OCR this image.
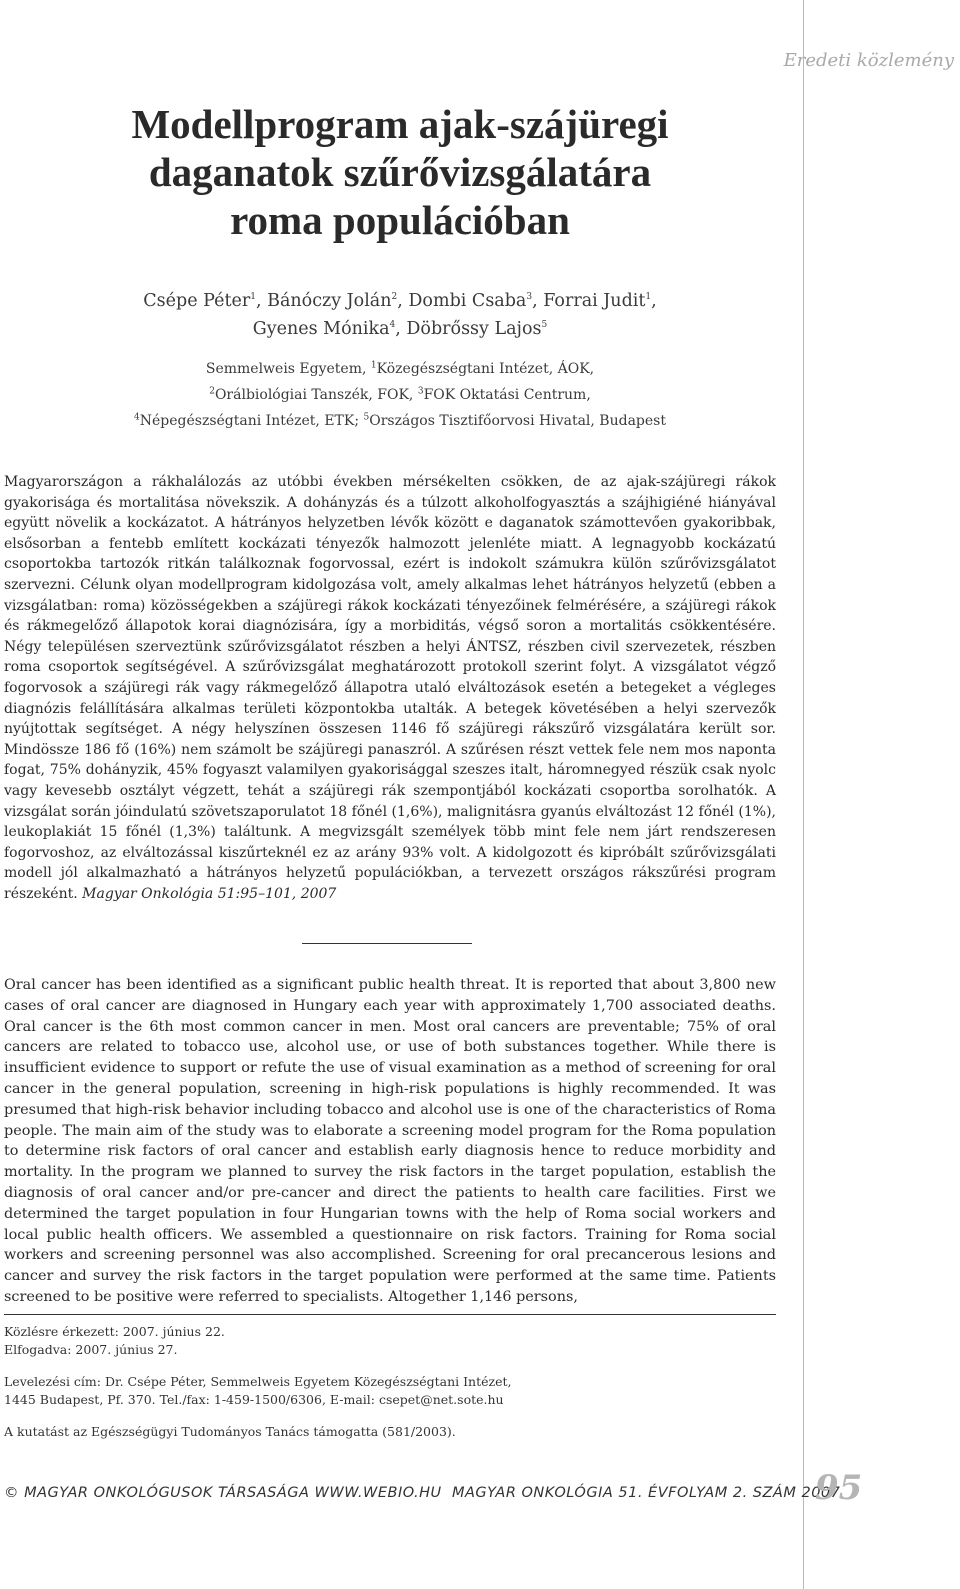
Eredeti közlemény
Modellprogram ajak-szájüregi
daganatok szűrővizsgálatára
roma populációban
Csépe Péter$^1$, Bánóczy Jolán$^2$, Dombi Csaba$^3$, Forrai Judit$^1$,
Gyenes Mónika$^4$, Döbrőssy Lajos$^5$
Semmelweis Egyetem, $^1$Közegészségtani Intézet, ÁOK,
$^2$Orálbiológiai Tanszék, FOK, $^3$FOK Oktatási Centrum,
$^4$Népegészségtani Intézet, ETK; $^5$Országos Tisztifőorvosi Hivatal, Budapest

Magyarországon a rákhalálozás az utóbbi években mérsékelten csökken, de az ajak-szájüregi rákok gyakorisága és mortalitása növekszik. A dohányzás és a túlzott alkoholfogyasztás a szájhigiéné hiányával együtt növelik a kockázatot. A hátrányos helyzetben lévők között e daganatok számottevően gyakoribbak, elsősorban a fentebb említett kockázati tényezők halmozott jelenléte miatt. A legnagyobb kockázatú csoportokba tartozók ritkán találkoznak fogorvossal, ezért is indokolt számukra külön szűrővizsgálatot szervezni. Célunk olyan modellprogram kidolgozása volt, amely alkalmas lehet hátrányos helyzetű (ebben a vizsgálatban: roma) közösségekben a szájüregi rákok kockázati tényezőinek felmérésére, a szájüregi rákok és rákmegelőző állapotok korai diagnózisára, így a morbiditás, végső soron a mortalitás csökkentésére. Négy településen szerveztünk szűrővizsgálatot részben a helyi ÁNTSZ, részben civil szervezetek, részben roma csoportok segítségével. A szűrővizsgálat meghatározott protokoll szerint folyt. A vizsgálatot végző fogorvosok a szájüregi rák vagy rákmegelőző állapotra utaló elváltozások esetén a betegeket a végleges diagnózis felállítására alkalmas területi központokba utalták. A betegek követésében a helyi szervezők nyújtottak segítséget. A négy helyszínen összesen 1146 fő szájüregi rákszűrő vizsgálatára került sor. Mindössze 186 fő (16%) nem számolt be szájüregi panaszról. A szűrésen részt vettek fele nem mos naponta fogat, 75% dohányzik, 45% fogyaszt valamilyen gyakorisággal szeszes italt, háromnegyed részük csak nyolc vagy kevesebb osztályt végzett, tehát a szájüregi rák szempontjából kockázati csoportba sorolhatók. A vizsgálat során jóindulatú szövetszaporulatot 18 főnél (1,6%), malignitásra gyanús elváltozást 12 főnél (1%), leukoplakiát 15 főnél (1,3%) találtunk. A megvizsgált személyek több mint fele nem járt rendszeresen fogorvoshoz, az elváltozással kiszűrteknél ez az arány 93% volt. A kidolgozott és kipróbált szűrővizsgálati modell jól alkalmazható a hátrányos helyzetű populációkban, a tervezett országos rákszűrési program részeként. Magyar Onkológia 51:95–101, 2007

Oral cancer has been identified as a significant public health threat. It is reported that about 3,800 new cases of oral cancer are diagnosed in Hungary each year with approximately 1,700 associated deaths. Oral cancer is the 6th most common cancer in men. Most oral cancers are preventable; 75% of oral cancers are related to tobacco use, alcohol use, or use of both substances together. While there is insufficient evidence to support or refute the use of visual examination as a method of screening for oral cancer in the general population, screening in high-risk populations is highly recommended. It was presumed that high-risk behavior including tobacco and alcohol use is one of the characteristics of Roma people. The main aim of the study was to elaborate a screening model program for the Roma population to determine risk factors of oral cancer and establish early diagnosis hence to reduce morbidity and mortality. In the program we planned to survey the risk factors in the target population, establish the diagnosis of oral cancer and/or pre-cancer and direct the patients to health care facilities. First we determined the target population in four Hungarian towns with the help of Roma social workers and local public health officers. We assembled a questionnaire on risk factors. Training for Roma social workers and screening personnel was also accomplished. Screening for oral precancerous lesions and cancer and survey the risk factors in the target population were performed at the same time. Patients screened to be positive were referred to specialists. Altogether 1,146 persons,

Közlésre érkezett: 2007. június 22.
Elfogadva: 2007. június 27.
Levelezési cím: Dr. Csépe Péter, Semmelweis Egyetem Közegészségtani Intézet,
1445 Budapest, Pf. 370. Tel./fax: 1-459-1500/6306, E-mail: csepet@net.sote.hu
A kutatást az Egészségügyi Tudományos Tanács támogatta (581/2003).
© MAGYAR ONKOLÓGUSOK TÁRSASÁGA WWW.WEBIO.HU MAGYAR ONKOLÓGIA 51. ÉVFOLYAM 2. SZÁM 2007
95
